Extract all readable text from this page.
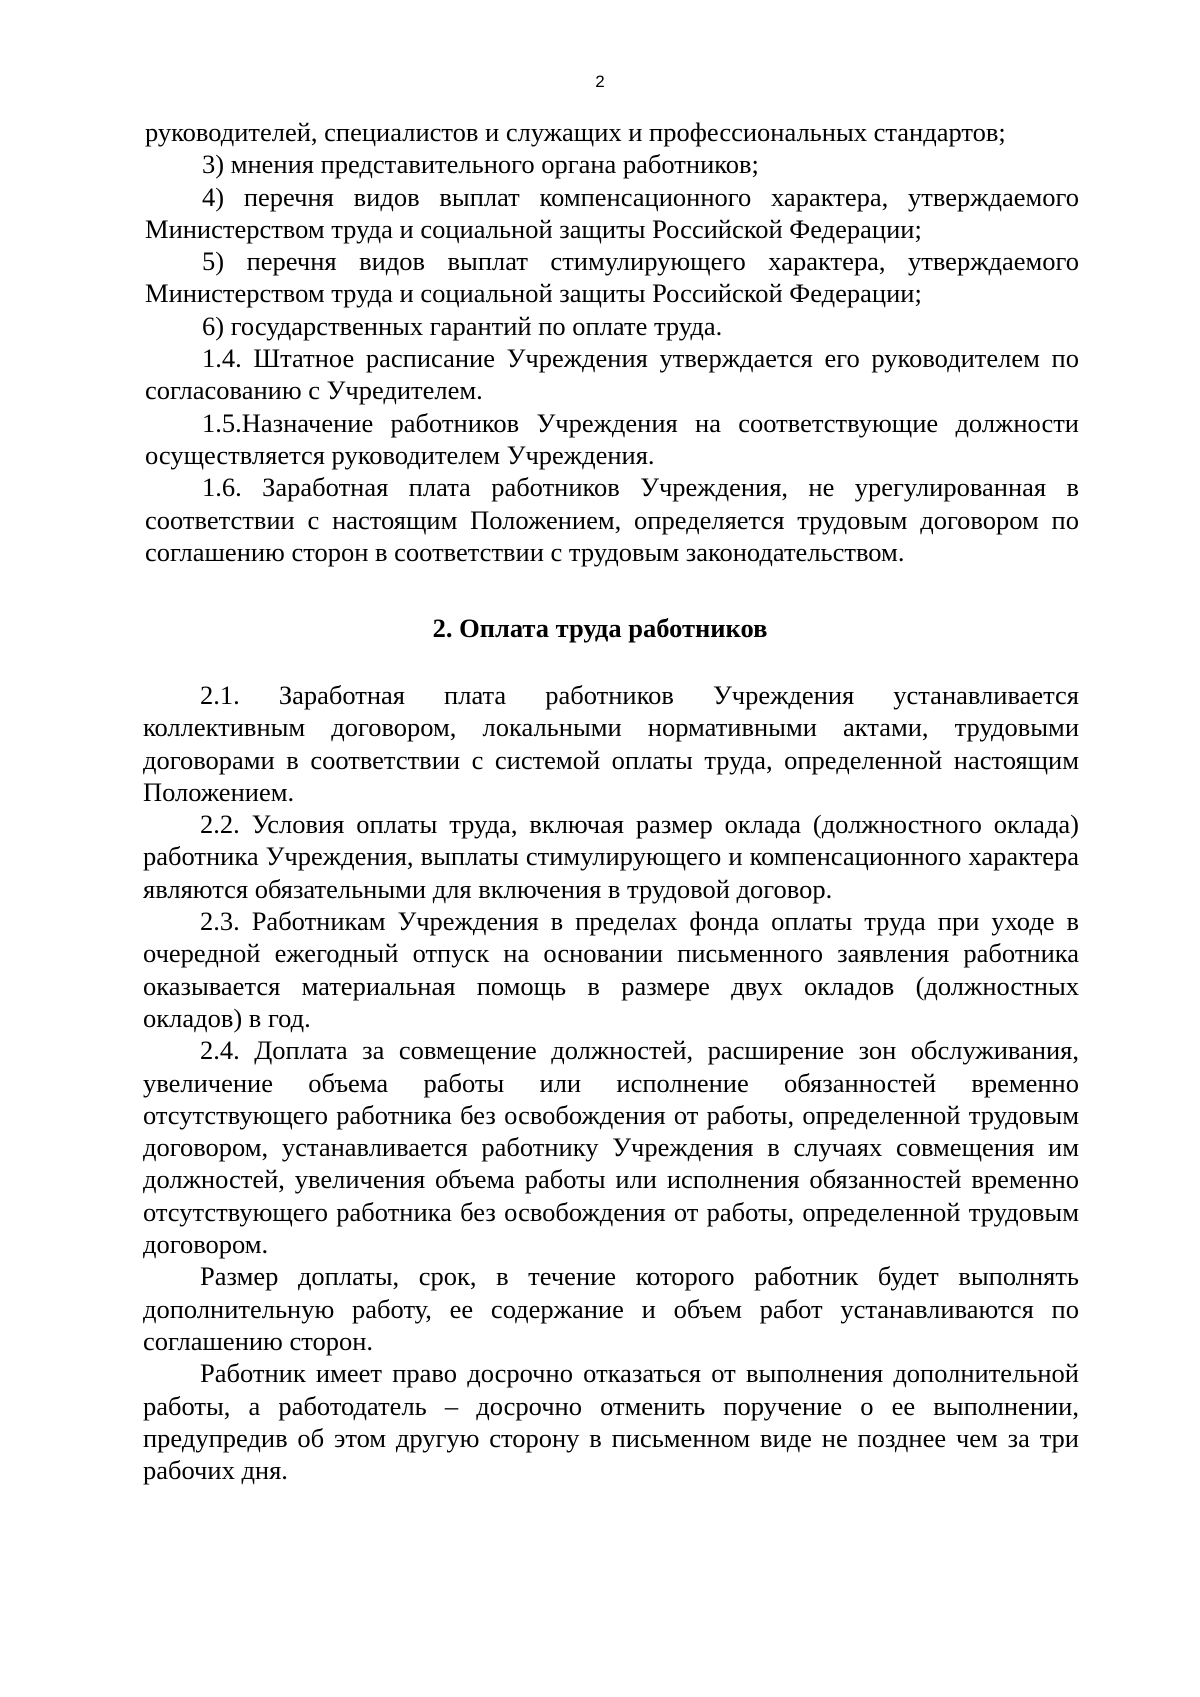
2

руководителей, специалистов и служащих и профессиональных стандартов;

3) мнения представительного органа работников;

4) перечня видов выплат компенсационного характера, утверждаемого Министерством труда и социальной защиты Российской Федерации;

5) перечня видов выплат стимулирующего характера, утверждаемого Министерством труда и социальной защиты Российской Федерации;

6) государственных гарантий по оплате труда.

1.4. Штатное расписание Учреждения утверждается его руководителем по согласованию с Учредителем.

1.5.Назначение работников Учреждения на соответствующие должности осуществляется руководителем Учреждения.

1.6. Заработная плата работников Учреждения, не урегулированная в соответствии с настоящим Положением, определяется трудовым договором по соглашению сторон в соответствии с трудовым законодательством.

2. Оплата труда работников

2.1. Заработная плата работников Учреждения устанавливается коллективным договором, локальными нормативными актами, трудовыми договорами в соответствии с системой оплаты труда, определенной настоящим Положением.

2.2. Условия оплаты труда, включая размер оклада (должностного оклада) работника Учреждения, выплаты стимулирующего и компенсационного характера являются обязательными для включения в трудовой договор.

2.3. Работникам Учреждения в пределах фонда оплаты труда при уходе в очередной ежегодный отпуск на основании письменного заявления работника оказывается материальная помощь в размере двух окладов (должностных окладов) в год.

2.4. Доплата за совмещение должностей, расширение зон обслуживания, увеличение объема работы или исполнение обязанностей временно отсутствующего работника без освобождения от работы, определенной трудовым договором, устанавливается работнику Учреждения в случаях совмещения им должностей, увеличения объема работы или исполнения обязанностей временно отсутствующего работника без освобождения от работы, определенной трудовым договором.

Размер доплаты, срок, в течение которого работник будет выполнять дополнительную работу, ее содержание и объем работ устанавливаются по соглашению сторон.

Работник имеет право досрочно отказаться от выполнения дополнительной работы, а работодатель – досрочно отменить поручение о ее выполнении, предупредив об этом другую сторону в письменном виде не позднее чем за три рабочих дня.
